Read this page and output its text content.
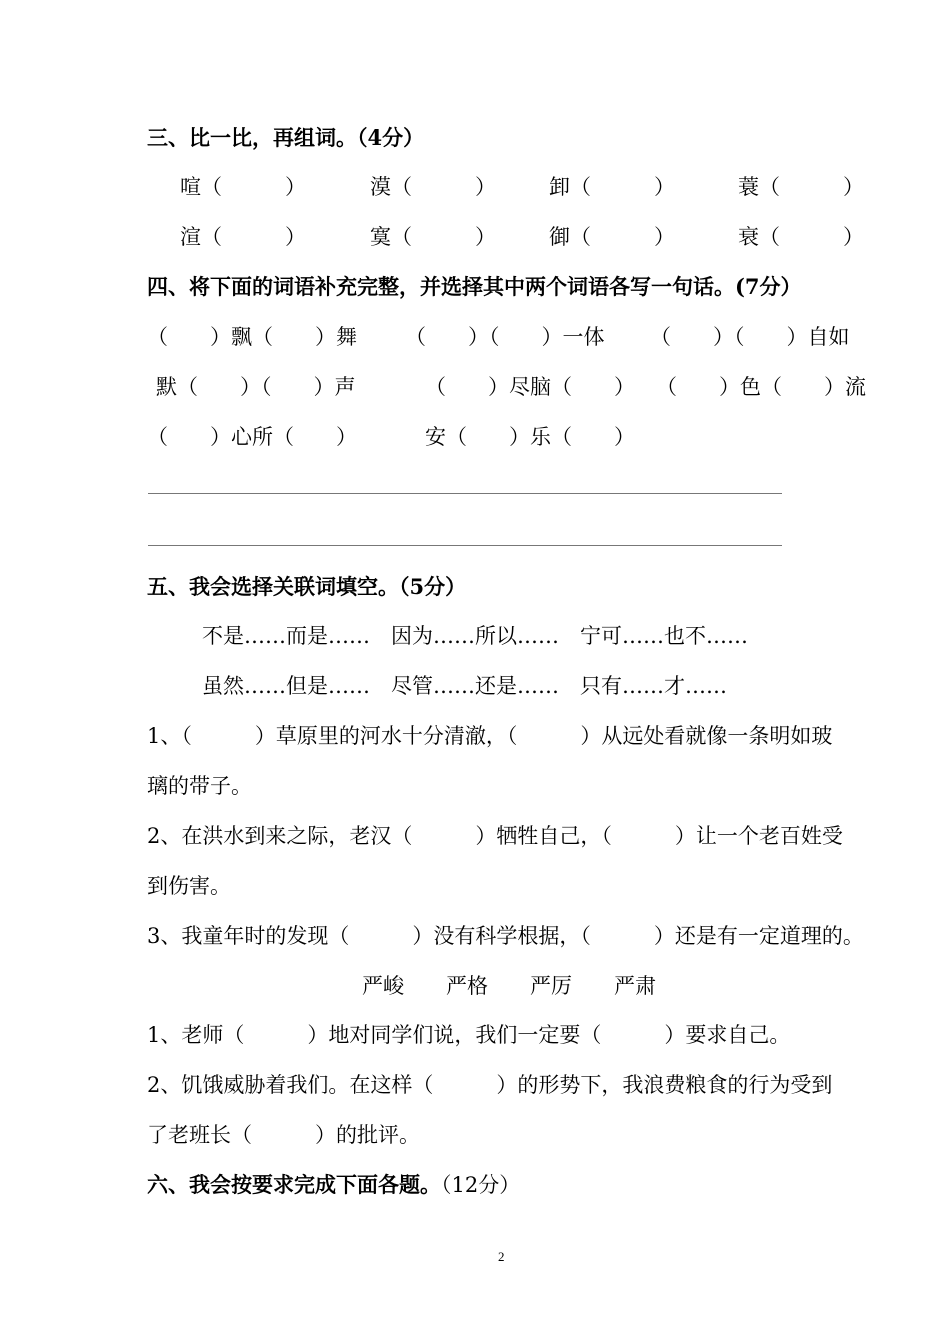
三、比一比，再组词。（4分）
喧（　　　）	漠（　　　）	卸（　　　）	蓑（　　　）
渲（　　　）	寞（　　　）	御（　　　）	衰（　　　）
四、将下面的词语补充完整，并选择其中两个词语各写一句话。(7分）
（　　）飘（　　）舞 （　　）（　　）一体 （　　）（　　）自如
默（　　）（　　）声	（　　）尽脑（　　） （　　）色（　　）流
（　　）心所（　　）	安（　　）乐（　　）
五、我会选择关联词填空。（5分）
不是……而是……　因为……所以……　宁可……也不……
虽然……但是……　尽管……还是……　只有……才……
1、（　　　）草原里的河水十分清澈，（　　　）从远处看就像一条明如玻
璃的带子。
2、在洪水到来之际，老汉（　　　）牺牲自己，（　　　）让一个老百姓受
到伤害。
3、我童年时的发现（　　　）没有科学根据，（　　　）还是有一定道理的。
严峻　　严格　　严厉　　严肃
1、老师（　　　）地对同学们说，我们一定要（　　　）要求自己。
2、饥饿威胁着我们。在这样（　　　）的形势下，我浪费粮食的行为受到
了老班长（　　　）的批评。
六、我会按要求完成下面各题。（12分）
2
